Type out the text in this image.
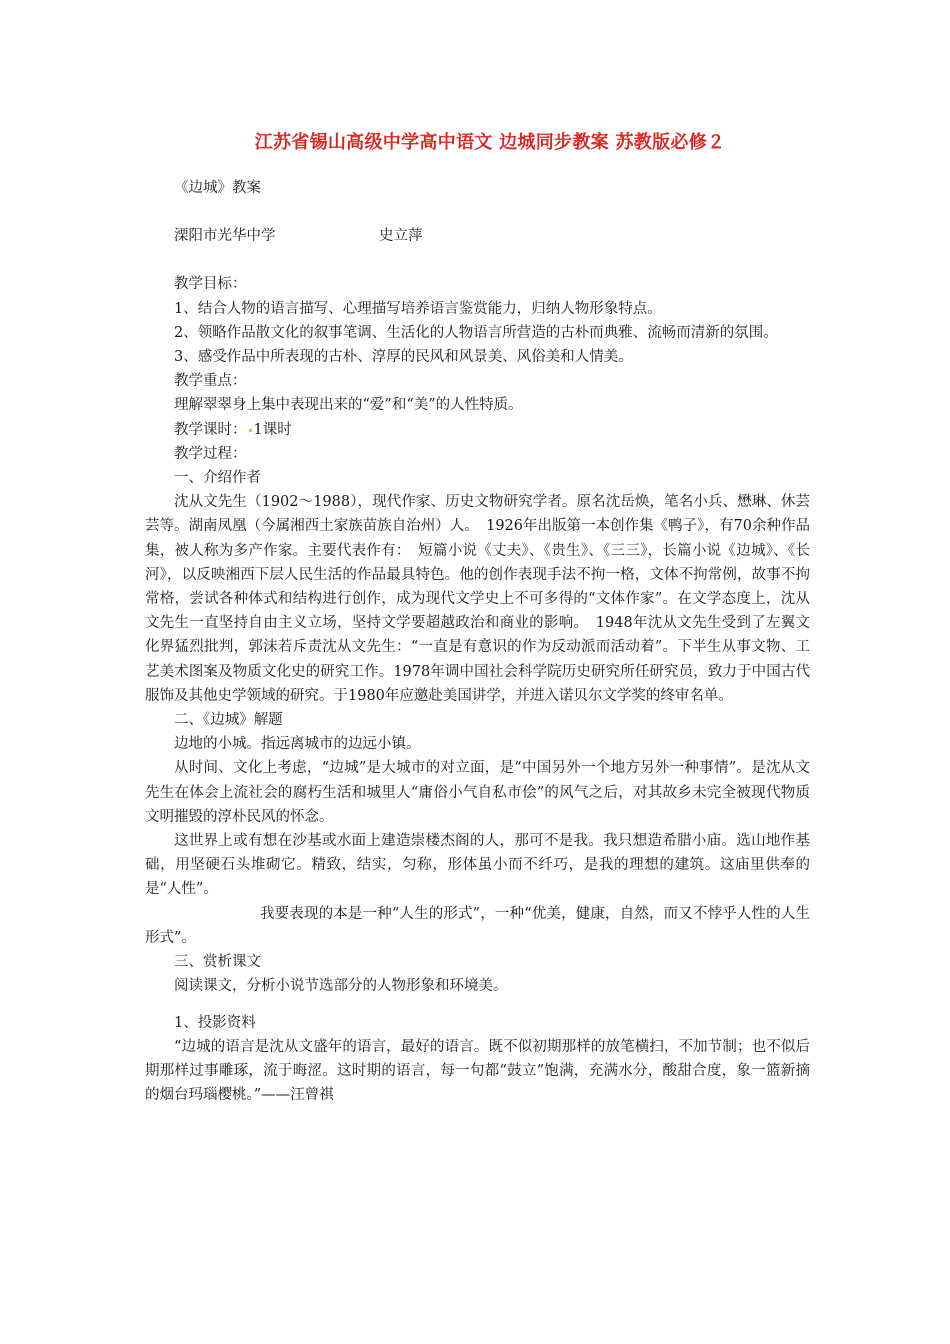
江苏省锡山高级中学高中语文 边城同步教案 苏教版必修２

《边城》教案

溧阳市光华中学	史立萍

教学目标：

1、结合人物的语言描写、心理描写培养语言鉴赏能力，归纳人物形象特点。

2、领略作品散文化的叙事笔调、生活化的人物语言所营造的古朴而典雅、流畅而清新的氛围。

3、感受作品中所表现的古朴、淳厚的民风和风景美、风俗美和人情美。

教学重点：

理解翠翠身上集中表现出来的“爱”和“美”的人性特质。

教学课时： 1课时

教学过程：

一、介绍作者

沈从文先生（1902～1988），现代作家、历史文物研究学者。原名沈岳焕，笔名小兵、懋琳、休芸芸等。湖南凤凰（今属湘西土家族苗族自治州）人。　1926年出版第一本创作集《鸭子》，有70余种作品集，被人称为多产作家。主要代表作有：　短篇小说《丈夫》、《贵生》、《三三》，长篇小说《边城》、《长河》，以反映湘西下层人民生活的作品最具特色。他的创作表现手法不拘一格，文体不拘常例，故事不拘常格，尝试各种体式和结构进行创作，成为现代文学史上不可多得的“文体作家”。在文学态度上，沈从文先生一直坚持自由主义立场，坚持文学要超越政治和商业的影响。　1948年沈从文先生受到了左翼文化界猛烈批判，郭沫若斥责沈从文先生：“一直是有意识的作为反动派而活动着”。下半生从事文物、工艺美术图案及物质文化史的研究工作。1978年调中国社会科学院历史研究所任研究员，致力于中国古代服饰及其他史学领域的研究。于1980年应邀赴美国讲学，并进入诺贝尔文学奖的终审名单。

二、《边城》解题

边地的小城。指远离城市的边远小镇。

从时间、文化上考虑，“边城”是大城市的对立面，是“中国另外一个地方另外一种事情”。是沈从文先生在体会上流社会的腐朽生活和城里人“庸俗小气自私市侩”的风气之后，对其故乡未完全被现代物质文明摧毁的淳朴民风的怀念。

这世界上或有想在沙基或水面上建造崇楼杰阁的人，那可不是我。我只想造希腊小庙。选山地作基础，用坚硬石头堆砌它。精致，结实，匀称，形体虽小而不纤巧，是我的理想的建筑。这庙里供奉的是“人性”。

我要表现的本是一种“人生的形式”，一种“优美，健康，自然，而又不悖乎人性的人生形式”。

三、赏析课文

阅读课文，分析小说节选部分的人物形象和环境美。

1、投影资料

“边城的语言是沈从文盛年的语言，最好的语言。既不似初期那样的放笔横扫，不加节制；也不似后期那样过事雕琢，流于晦涩。这时期的语言，每一句都“鼓立”饱满，充满水分，酸甜合度，象一篮新摘的烟台玛瑙樱桃。”——汪曾祺
